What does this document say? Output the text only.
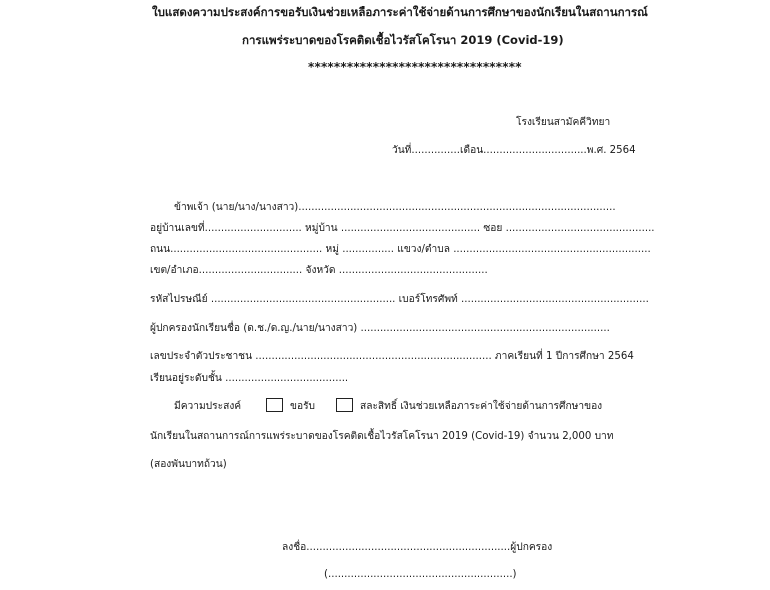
ใบแสดงความประสงค์การขอรับเงินช่วยเหลือภาระค่าใช้จ่ายด้านการศึกษาของนักเรียนในสถานการณ์
การแพร่ระบาดของโรคติดเชื้อไวรัสโคโรนา 2019 (Covid-19)
*********************************
โรงเรียนสามัคคีวิทยา
วันที่...............เดือน................................พ.ศ. 2564
ข้าพเจ้า (นาย/นาง/นางสาว)..................................................................................................
อยู่บ้านเลขที่.............................. หมู่บ้าน ........................................... ซอย ..............................................
ถนน............................................... หมู่ ................ แขวง/ตำบล .............................................................
เขต/อำเภอ................................ จังหวัด ..............................................
รหัสไปรษณีย์ ......................................................... เบอร์โทรศัพท์ ..........................................................
ผู้ปกครองนักเรียนชื่อ (ด.ช./ด.ญ./นาย/นางสาว) .............................................................................
เลขประจำตัวประชาชน ......................................................................... ภาคเรียนที่ 1 ปีการศึกษา 2564
เรียนอยู่ระดับชั้น ......................................
มีความประสงค์	ขอรับ	สละสิทธิ์ เงินช่วยเหลือภาระค่าใช้จ่ายด้านการศึกษาของ
นักเรียนในสถานการณ์การแพร่ระบาดของโรคติดเชื้อไวรัสโคโรนา 2019 (Covid-19) จำนวน 2,000 บาท
(สองพันบาทถ้วน)
ลงชื่อ...............................................................ผู้ปกครอง
(.........................................................)
